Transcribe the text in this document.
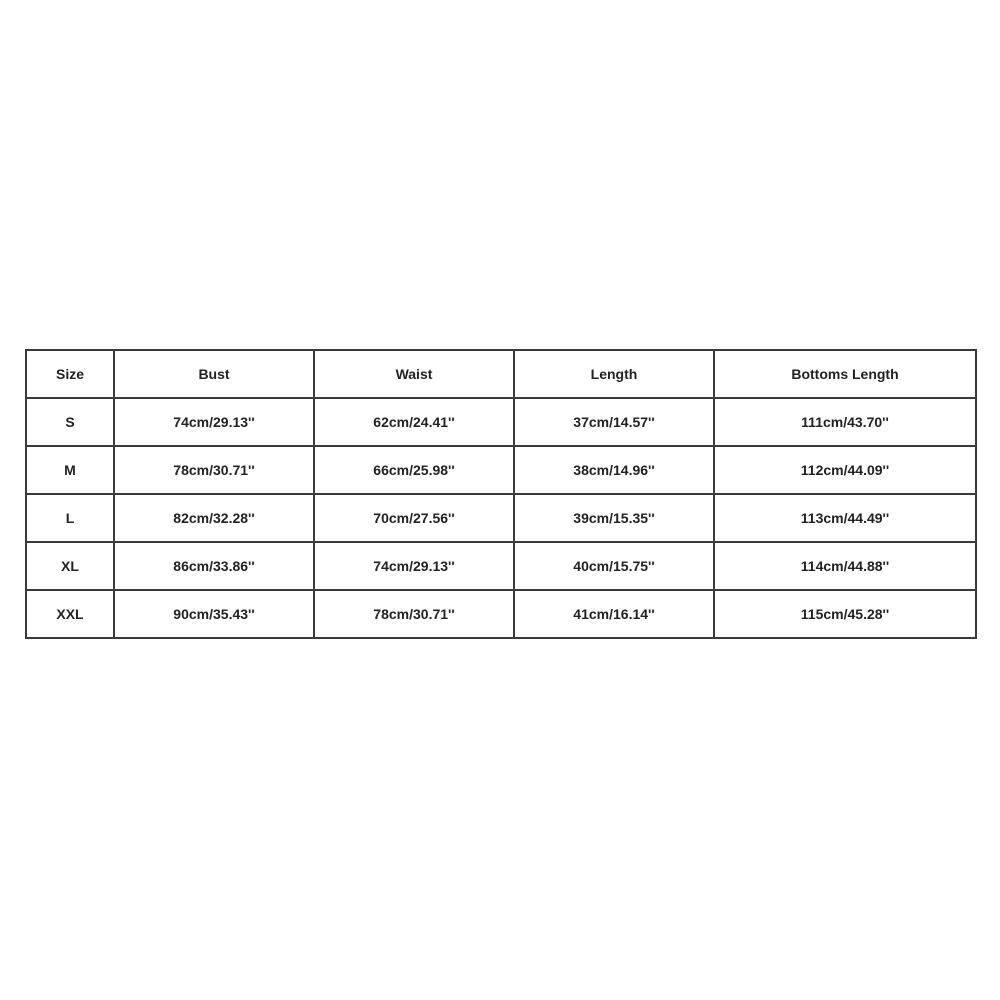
Size	Bust	Waist	Length	Bottoms Length
S	74cm/29.13''	62cm/24.41''	37cm/14.57''	111cm/43.70''
M	78cm/30.71''	66cm/25.98''	38cm/14.96''	112cm/44.09''
L	82cm/32.28''	70cm/27.56''	39cm/15.35''	113cm/44.49''
XL	86cm/33.86''	74cm/29.13''	40cm/15.75''	114cm/44.88''
XXL	90cm/35.43''	78cm/30.71''	41cm/16.14''	115cm/45.28''
